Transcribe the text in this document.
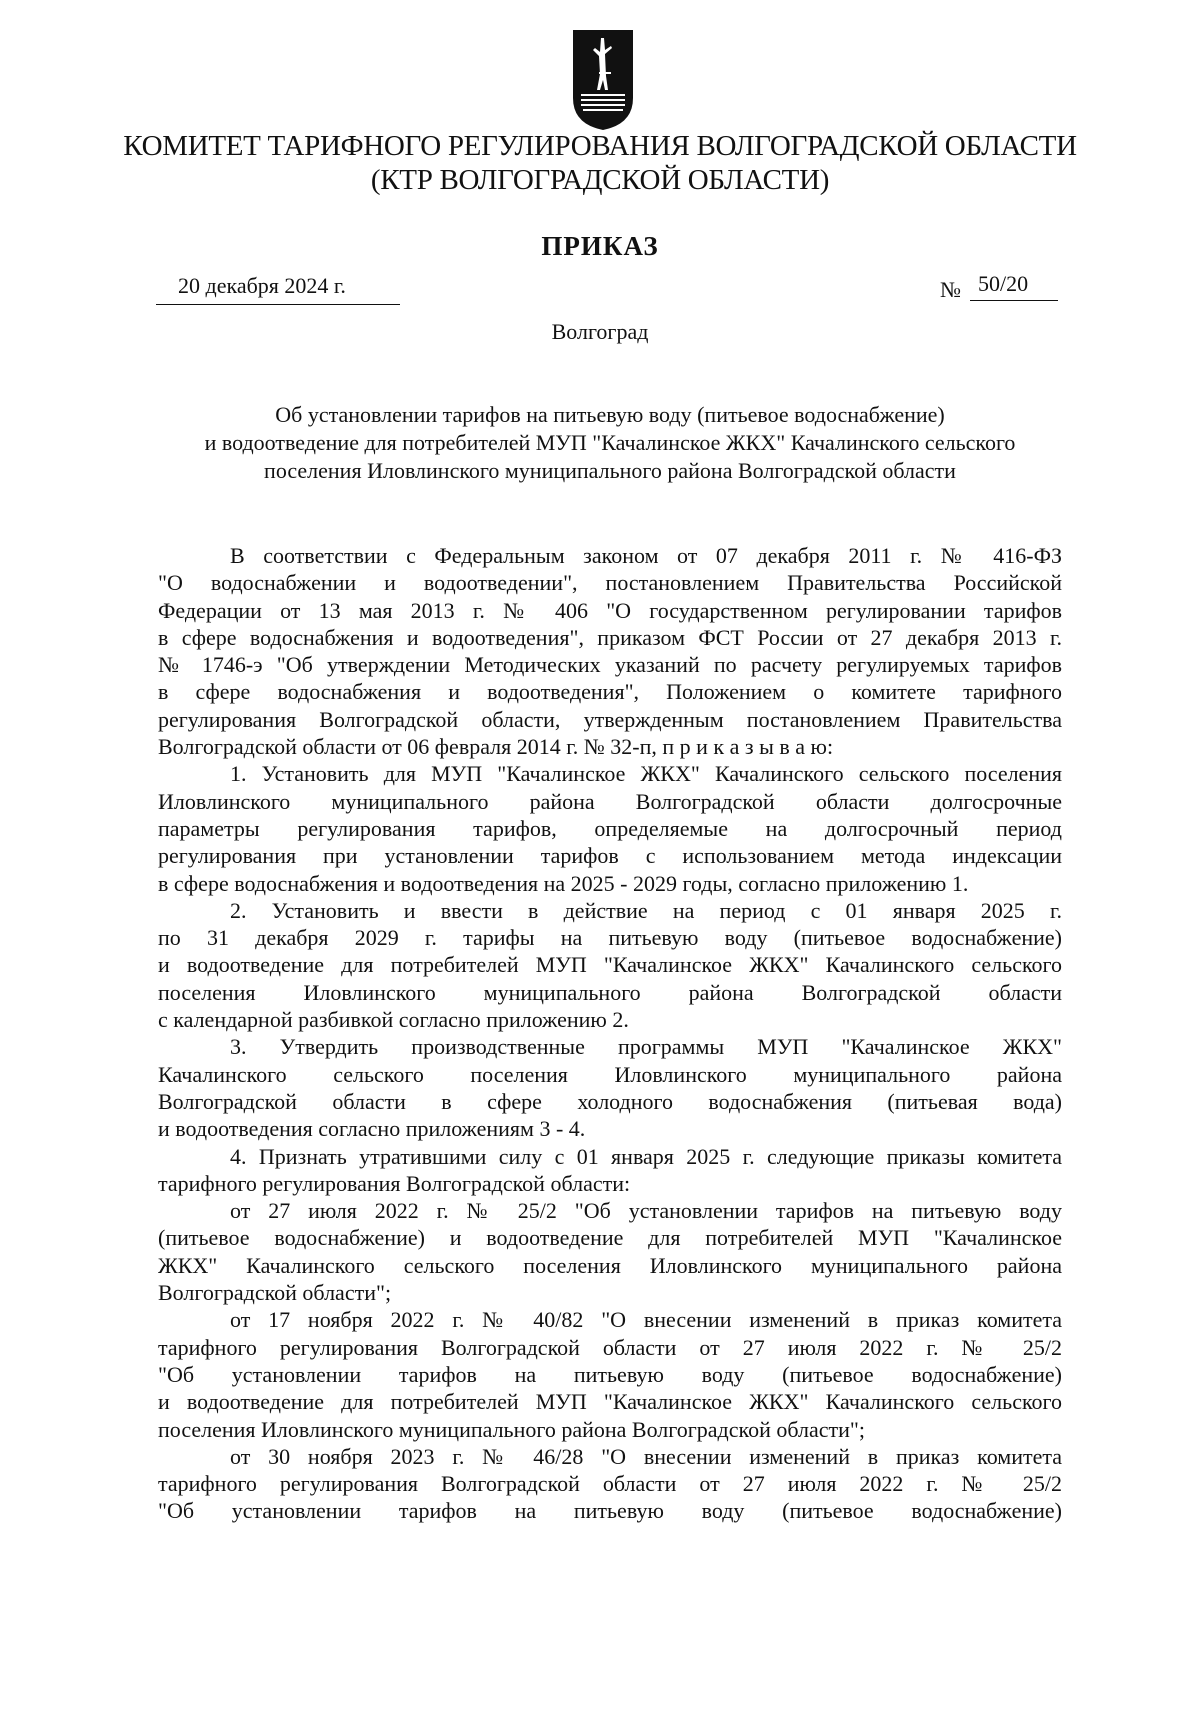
КОМИТЕТ ТАРИФНОГО РЕГУЛИРОВАНИЯ ВОЛГОГРАДСКОЙ ОБЛАСТИ
(КТР ВОЛГОГРАДСКОЙ ОБЛАСТИ)
ПРИКАЗ
20 декабря 2024 г.	№ 50/20
Волгоград
Об установлении тарифов на питьевую воду (питьевое водоснабжение)
и водоотведение для потребителей МУП "Качалинское ЖКХ" Качалинского сельского
поселения Иловлинского муниципального района Волгоградской области

В соответствии с Федеральным законом от 07 декабря 2011 г. № 416-ФЗ

"О водоснабжении и водоотведении", постановлением Правительства Российской

Федерации от 13 мая 2013 г. № 406 "О государственном регулировании тарифов

в сфере водоснабжения и водоотведения", приказом ФСТ России от 27 декабря 2013 г.

№ 1746-э "Об утверждении Методических указаний по расчету регулируемых тарифов

в сфере водоснабжения и водоотведения", Положением о комитете тарифного

регулирования Волгоградской области, утвержденным постановлением Правительства

Волгоградской области от 06 февраля 2014 г. № 32-п, п р и к а з ы в а ю:

1. Установить для МУП "Качалинское ЖКХ" Качалинского сельского поселения

Иловлинского муниципального района Волгоградской области долгосрочные

параметры регулирования тарифов, определяемые на долгосрочный период

регулирования при установлении тарифов с использованием метода индексации

в сфере водоснабжения и водоотведения на 2025 - 2029 годы, согласно приложению 1.

2. Установить и ввести в действие на период с 01 января 2025 г.

по 31 декабря 2029 г. тарифы на питьевую воду (питьевое водоснабжение)

и водоотведение для потребителей МУП "Качалинское ЖКХ" Качалинского сельского

поселения Иловлинского муниципального района Волгоградской области

с календарной разбивкой согласно приложению 2.

3. Утвердить производственные программы МУП "Качалинское ЖКХ"

Качалинского сельского поселения Иловлинского муниципального района

Волгоградской области в сфере холодного водоснабжения (питьевая вода)

и водоотведения согласно приложениям 3 - 4.

4. Признать утратившими силу с 01 января 2025 г. следующие приказы комитета

тарифного регулирования Волгоградской области:

от 27 июля 2022 г. № 25/2 "Об установлении тарифов на питьевую воду

(питьевое водоснабжение) и водоотведение для потребителей МУП "Качалинское

ЖКХ" Качалинского сельского поселения Иловлинского муниципального района

Волгоградской области";

от 17 ноября 2022 г. № 40/82 "О внесении изменений в приказ комитета

тарифного регулирования Волгоградской области от 27 июля 2022 г. № 25/2

"Об установлении тарифов на питьевую воду (питьевое водоснабжение)

и водоотведение для потребителей МУП "Качалинское ЖКХ" Качалинского сельского

поселения Иловлинского муниципального района Волгоградской области";

от 30 ноября 2023 г. № 46/28 "О внесении изменений в приказ комитета

тарифного регулирования Волгоградской области от 27 июля 2022 г. № 25/2

"Об установлении тарифов на питьевую воду (питьевое водоснабжение)
